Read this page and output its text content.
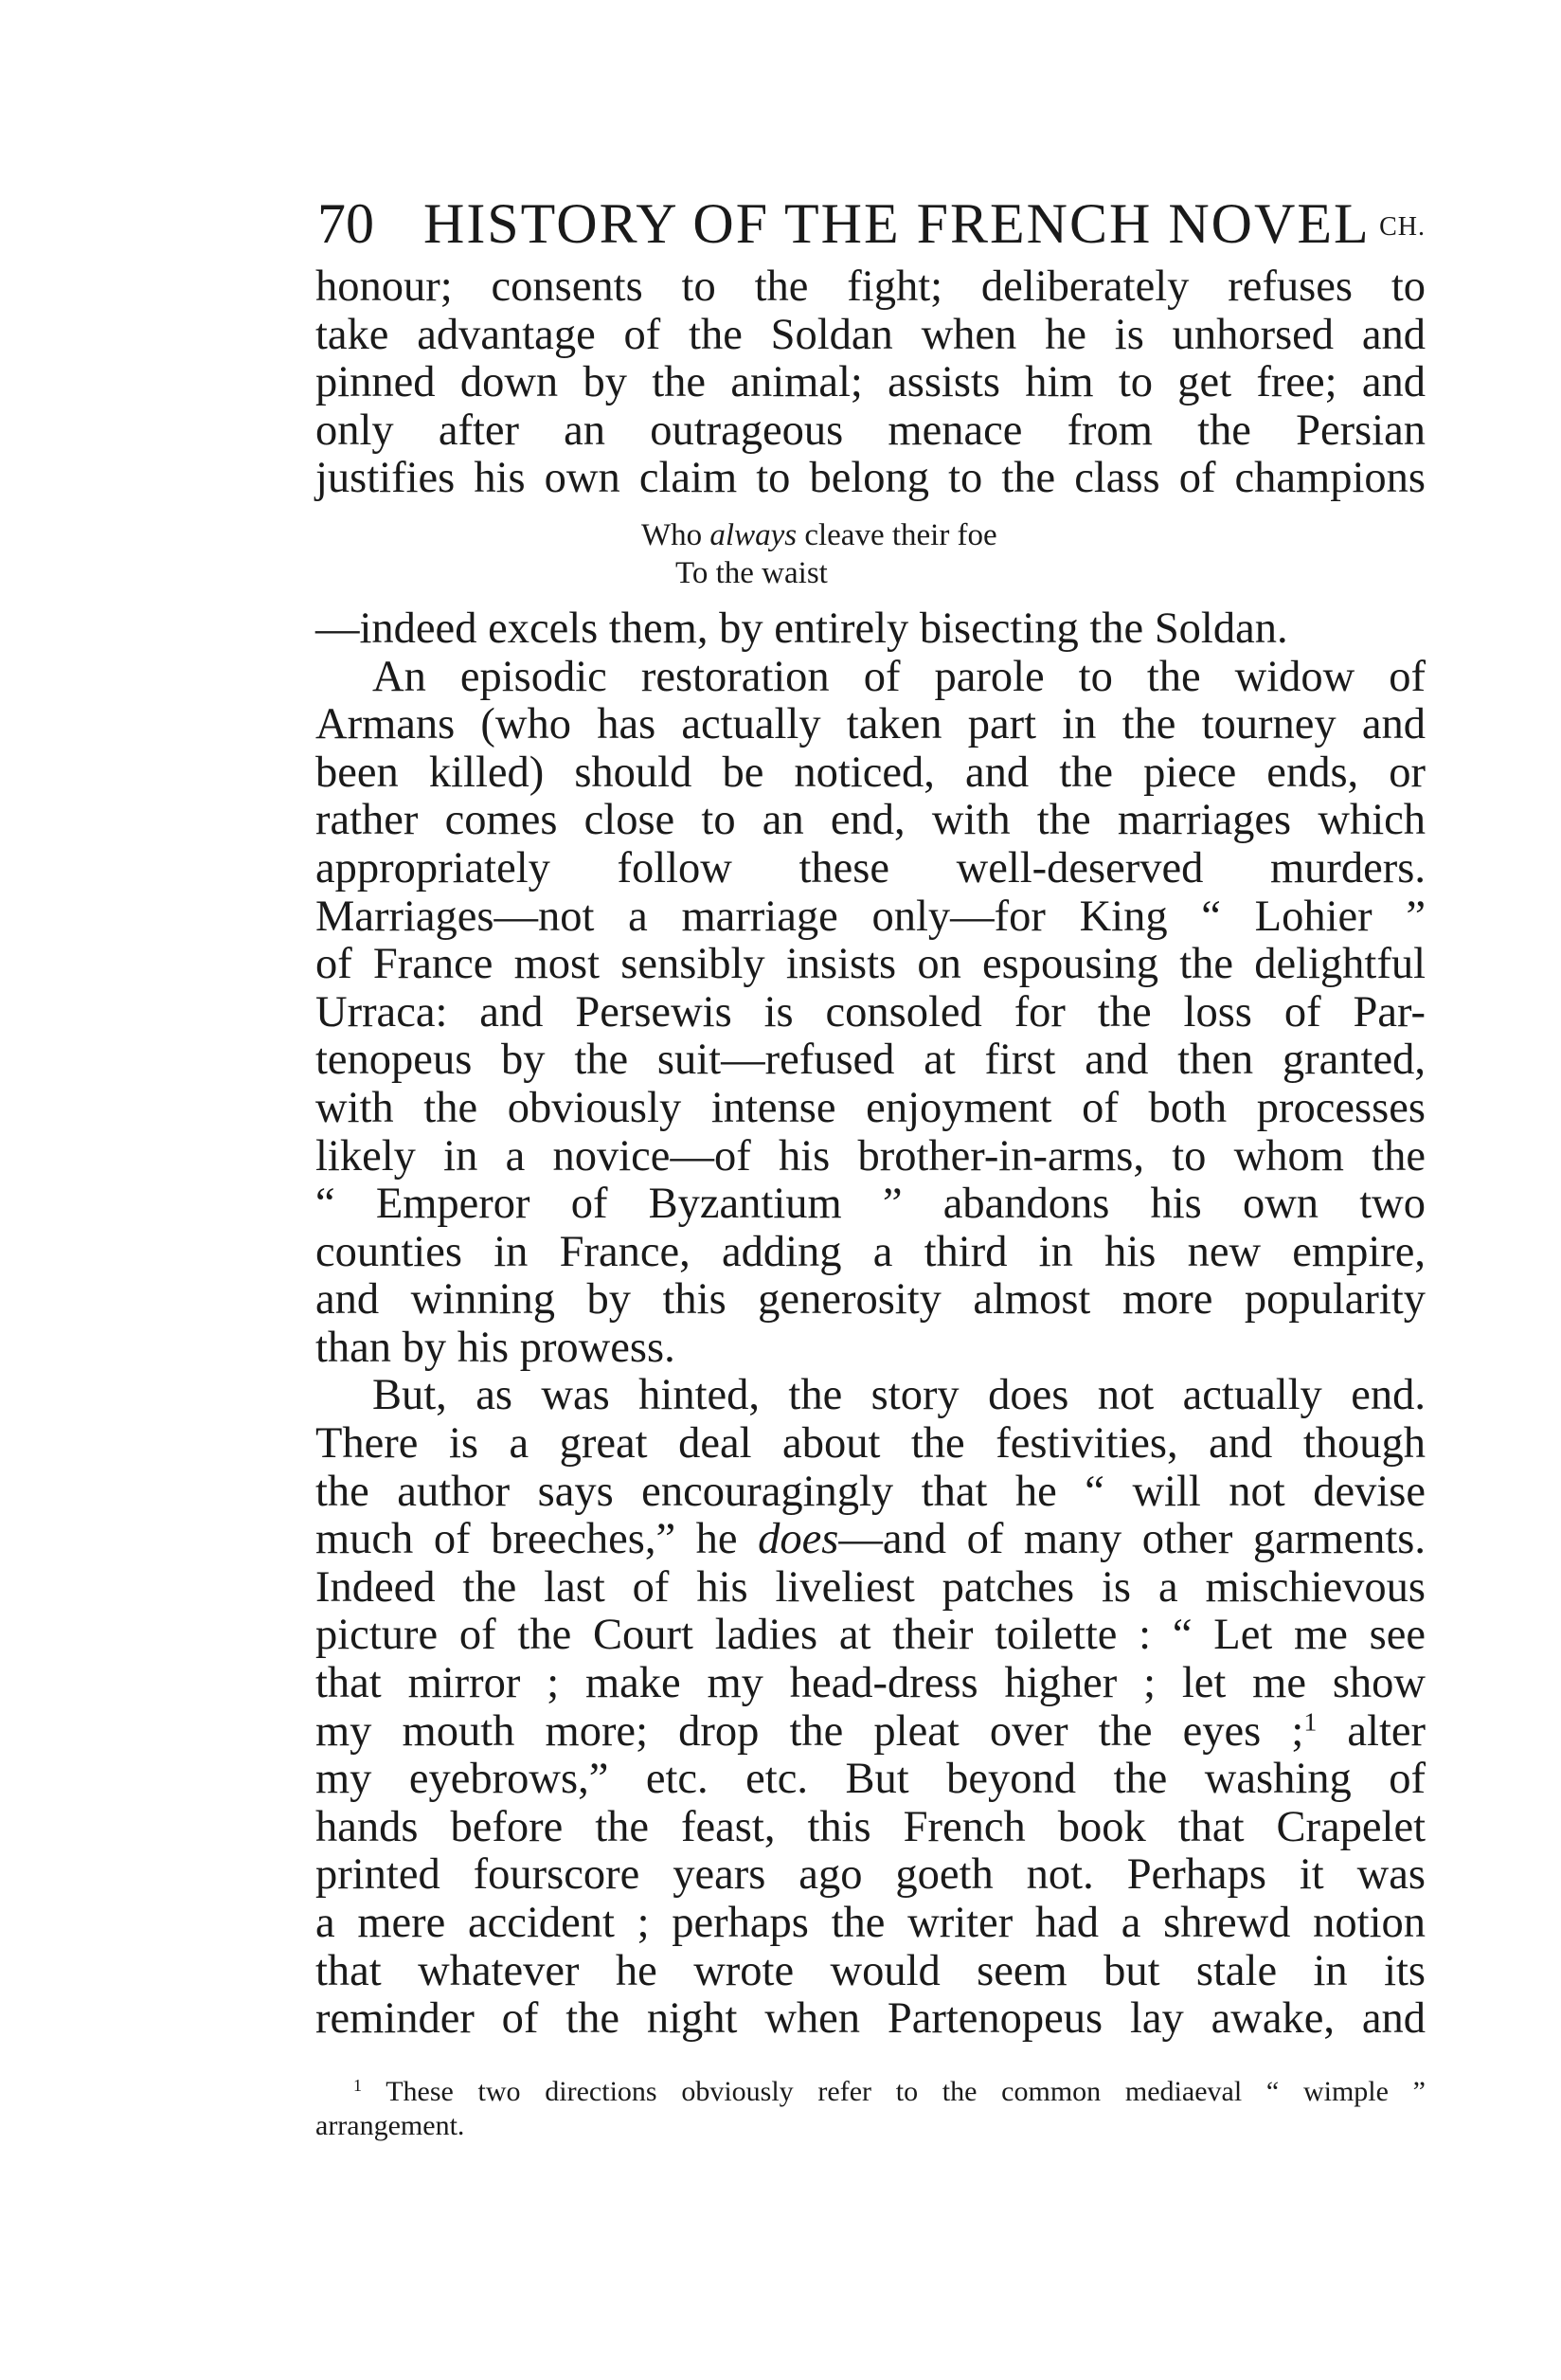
70 HISTORY OF THE FRENCH NOVEL CH.
honour; consents to the fight; deliberately refuses to
take advantage of the Soldan when he is unhorsed and
pinned down by the animal; assists him to get free; and
only after an outrageous menace from the Persian
justifies his own claim to belong to the class of champions
Who always cleave their foe
To the waist
—indeed excels them, by entirely bisecting the Soldan.
An episodic restoration of parole to the widow of
Armans (who has actually taken part in the tourney and
been killed) should be noticed, and the piece ends, or
rather comes close to an end, with the marriages which
appropriately follow these well-deserved murders.
Marriages—not a marriage only—for King “ Lohier ”
of France most sensibly insists on espousing the delightful
Urraca: and Persewis is consoled for the loss of Par-
tenopeus by the suit—refused at first and then granted,
with the obviously intense enjoyment of both processes
likely in a novice—of his brother-in-arms, to whom the
“ Emperor of Byzantium ” abandons his own two
counties in France, adding a third in his new empire,
and winning by this generosity almost more popularity
than by his prowess.
But, as was hinted, the story does not actually end.
There is a great deal about the festivities, and though
the author says encouragingly that he “ will not devise
much of breeches,” he does—and of many other garments.
Indeed the last of his liveliest patches is a mischievous
picture of the Court ladies at their toilette : “ Let me see
that mirror ; make my head-dress higher ; let me show
my mouth more; drop the pleat over the eyes ;$^1$ alter
my eyebrows,” etc. etc. But beyond the washing of
hands before the feast, this French book that Crapelet
printed fourscore years ago goeth not. Perhaps it was
a mere accident ; perhaps the writer had a shrewd notion
that whatever he wrote would seem but stale in its
reminder of the night when Partenopeus lay awake, and
$^1$ These two directions obviously refer to the common mediaeval “ wimple ”
arrangement.
